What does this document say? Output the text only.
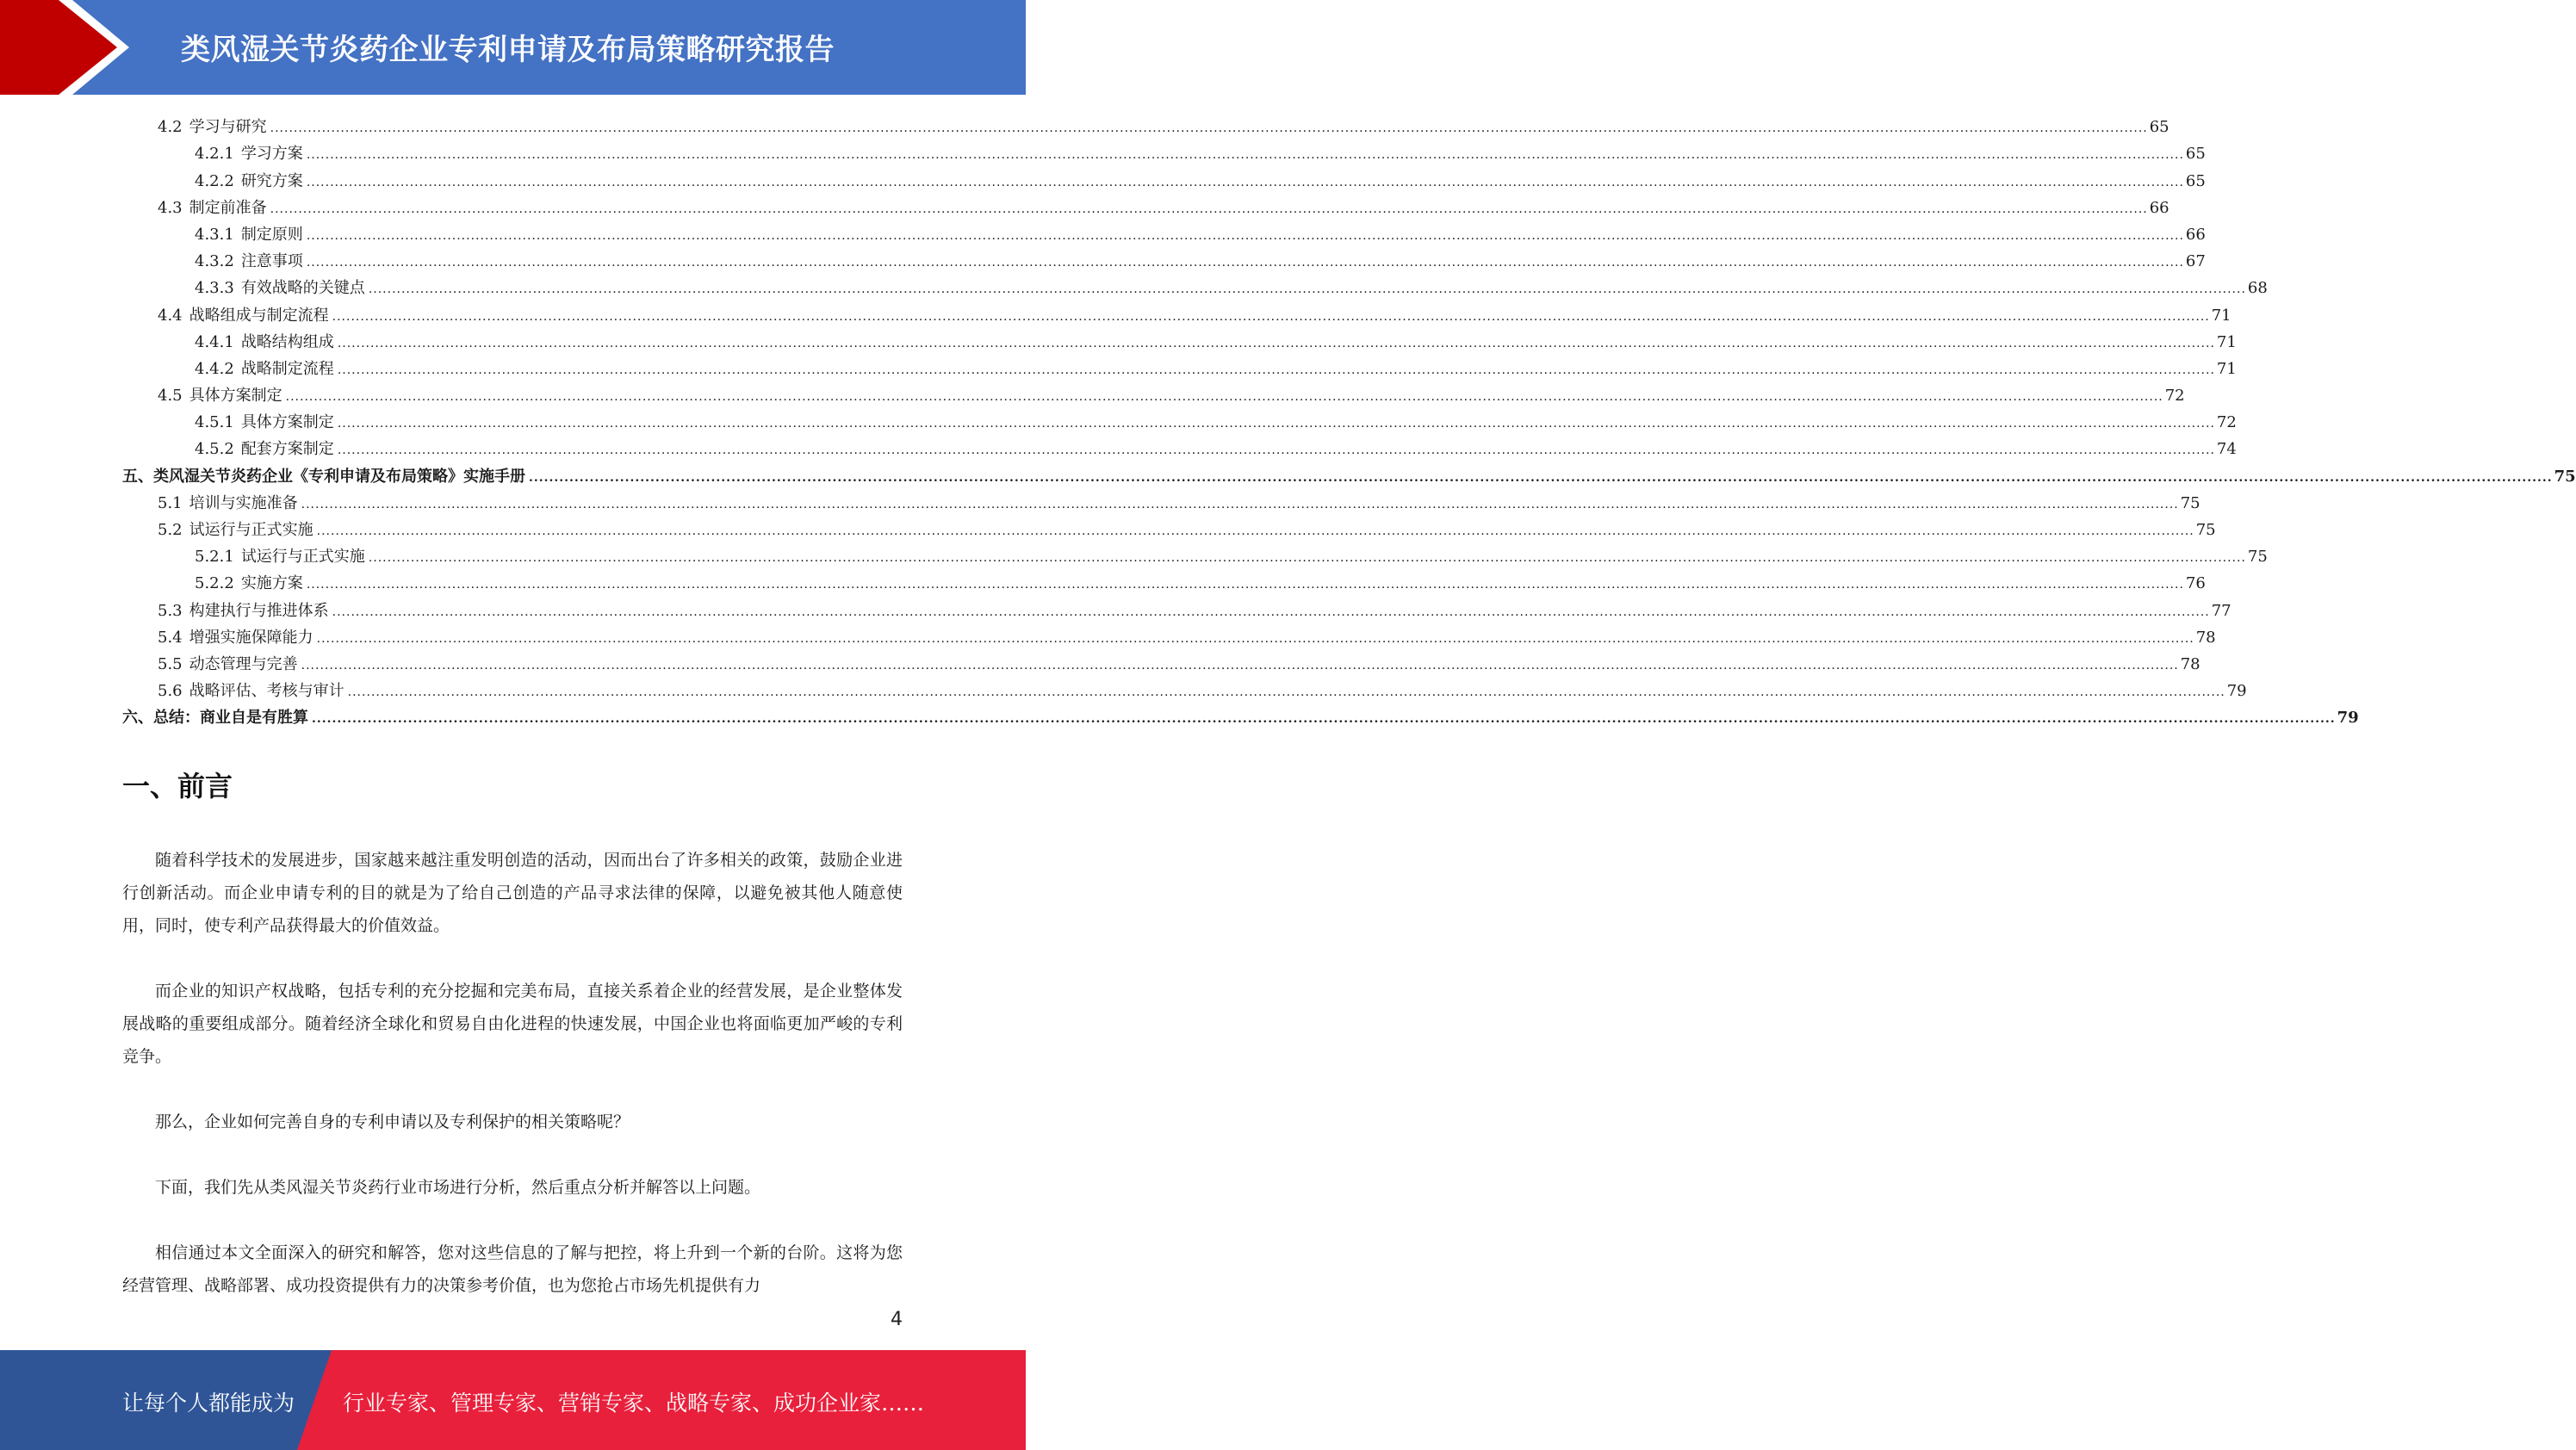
类风湿关节炎药企业专利申请及布局策略研究报告
4.2 学习与研究 ................................................................................................................................................................................................................................................................................................................................................................................................................ 65
4.2.1 学习方案 ................................................................................................................................................................................................................................................................................................................................................................................................................ 65
4.2.2 研究方案 ................................................................................................................................................................................................................................................................................................................................................................................................................ 65
4.3 制定前准备 ................................................................................................................................................................................................................................................................................................................................................................................................................ 66
4.3.1 制定原则 ................................................................................................................................................................................................................................................................................................................................................................................................................ 66
4.3.2 注意事项 ................................................................................................................................................................................................................................................................................................................................................................................................................ 67
4.3.3 有效战略的关键点 ................................................................................................................................................................................................................................................................................................................................................................................................................ 68
4.4 战略组成与制定流程 ................................................................................................................................................................................................................................................................................................................................................................................................................ 71
4.4.1 战略结构组成 ................................................................................................................................................................................................................................................................................................................................................................................................................ 71
4.4.2 战略制定流程 ................................................................................................................................................................................................................................................................................................................................................................................................................ 71
4.5 具体方案制定 ................................................................................................................................................................................................................................................................................................................................................................................................................ 72
4.5.1 具体方案制定 ................................................................................................................................................................................................................................................................................................................................................................................................................ 72
4.5.2 配套方案制定 ................................................................................................................................................................................................................................................................................................................................................................................................................ 74
五、类风湿关节炎药企业《专利申请及布局策略》实施手册 ................................................................................................................................................................................................................................................................................................................................................................................................................ 75
5.1 培训与实施准备 ................................................................................................................................................................................................................................................................................................................................................................................................................ 75
5.2 试运行与正式实施 ................................................................................................................................................................................................................................................................................................................................................................................................................ 75
5.2.1 试运行与正式实施 ................................................................................................................................................................................................................................................................................................................................................................................................................ 75
5.2.2 实施方案 ................................................................................................................................................................................................................................................................................................................................................................................................................ 76
5.3 构建执行与推进体系 ................................................................................................................................................................................................................................................................................................................................................................................................................ 77
5.4 增强实施保障能力 ................................................................................................................................................................................................................................................................................................................................................................................................................ 78
5.5 动态管理与完善 ................................................................................................................................................................................................................................................................................................................................................................................................................ 78
5.6 战略评估、考核与审计 ................................................................................................................................................................................................................................................................................................................................................................................................................ 79
六、总结：商业自是有胜算 ................................................................................................................................................................................................................................................................................................................................................................................................................ 79
一、前言

随着科学技术的发展进步，国家越来越注重发明创造的活动，因而出台了许多相关的政策，鼓励企业进行创新活动。而企业申请专利的目的就是为了给自己创造的产品寻求法律的保障，以避免被其他人随意使用，同时，使专利产品获得最大的价值效益。

而企业的知识产权战略，包括专利的充分挖掘和完美布局，直接关系着企业的经营发展，是企业整体发展战略的重要组成部分。随着经济全球化和贸易自由化进程的快速发展，中国企业也将面临更加严峻的专利竞争。

那么，企业如何完善自身的专利申请以及专利保护的相关策略呢？

下面，我们先从类风湿关节炎药行业市场进行分析，然后重点分析并解答以上问题。

相信通过本文全面深入的研究和解答，您对这些信息的了解与把控，将上升到一个新的台阶。这将为您经营管理、战略部署、成功投资提供有力的决策参考价值，也为您抢占市场先机提供有力

4
让每个人都能成为 行业专家、管理专家、营销专家、战略专家、成功企业家……
